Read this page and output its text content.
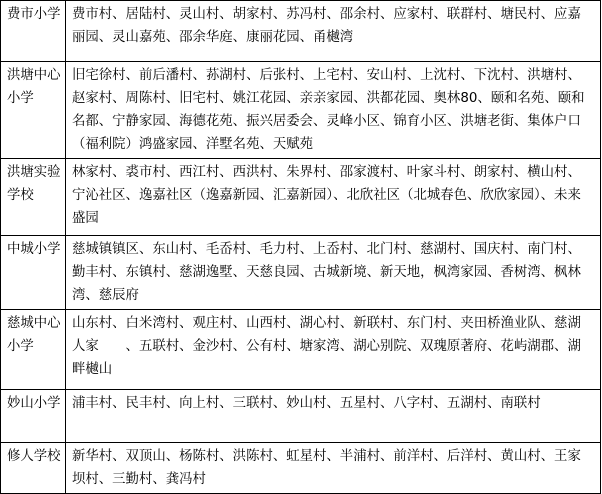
费市小学	费市村、居陆村、灵山村、胡家村、苏冯村、邵余村、应家村、联群村、塘民村、应嘉丽园、灵山嘉苑、邵余华庭、康丽花园、甬樾湾
洪塘中心小学	旧宅徐村、前后潘村、荪湖村、后张村、上宅村、安山村、上沈村、下沈村、洪塘村、赵家村、周陈村、旧宅村、姚江花园、亲亲家园、洪都花园、奥林80、颐和名苑、颐和名都、宁静家园、海德花苑、振兴居委会、灵峰小区、锦育小区、洪塘老街、集体户口（福利院）鸿盛家园、洋墅名苑、天赋苑
洪塘实验学校	林家村、裘市村、西江村、西洪村、朱界村、邵家渡村、叶家斗村、朗家村、横山村、宁沁社区、逸嘉社区（逸嘉新园、汇嘉新园）、北欣社区（北城春色、欣欣家园）、未来盛园
中城小学	慈城镇镇区、东山村、毛岙村、毛力村、上岙村、北门村、慈湖村、国庆村、南门村、勤丰村、东镇村、慈湖逸墅、天慈良园、古城新境、新天地，枫湾家园、香树湾、枫林湾、慈辰府
慈城中心小学	山东村、白米湾村、观庄村、山西村、湖心村、新联村、东门村、夹田桥渔业队、慈湖人家　　、五联村、金沙村、公有村、塘家湾、湖心别院、双瑰原著府、花屿湖郡、湖畔樾山
妙山小学	浦丰村、民丰村、向上村、三联村、妙山村、五星村、八字村、五湖村、南联村
修人学校	新华村、双顶山、杨陈村、洪陈村、虹星村、半浦村、前洋村、后洋村、黄山村、王家坝村、三勤村、龚冯村
